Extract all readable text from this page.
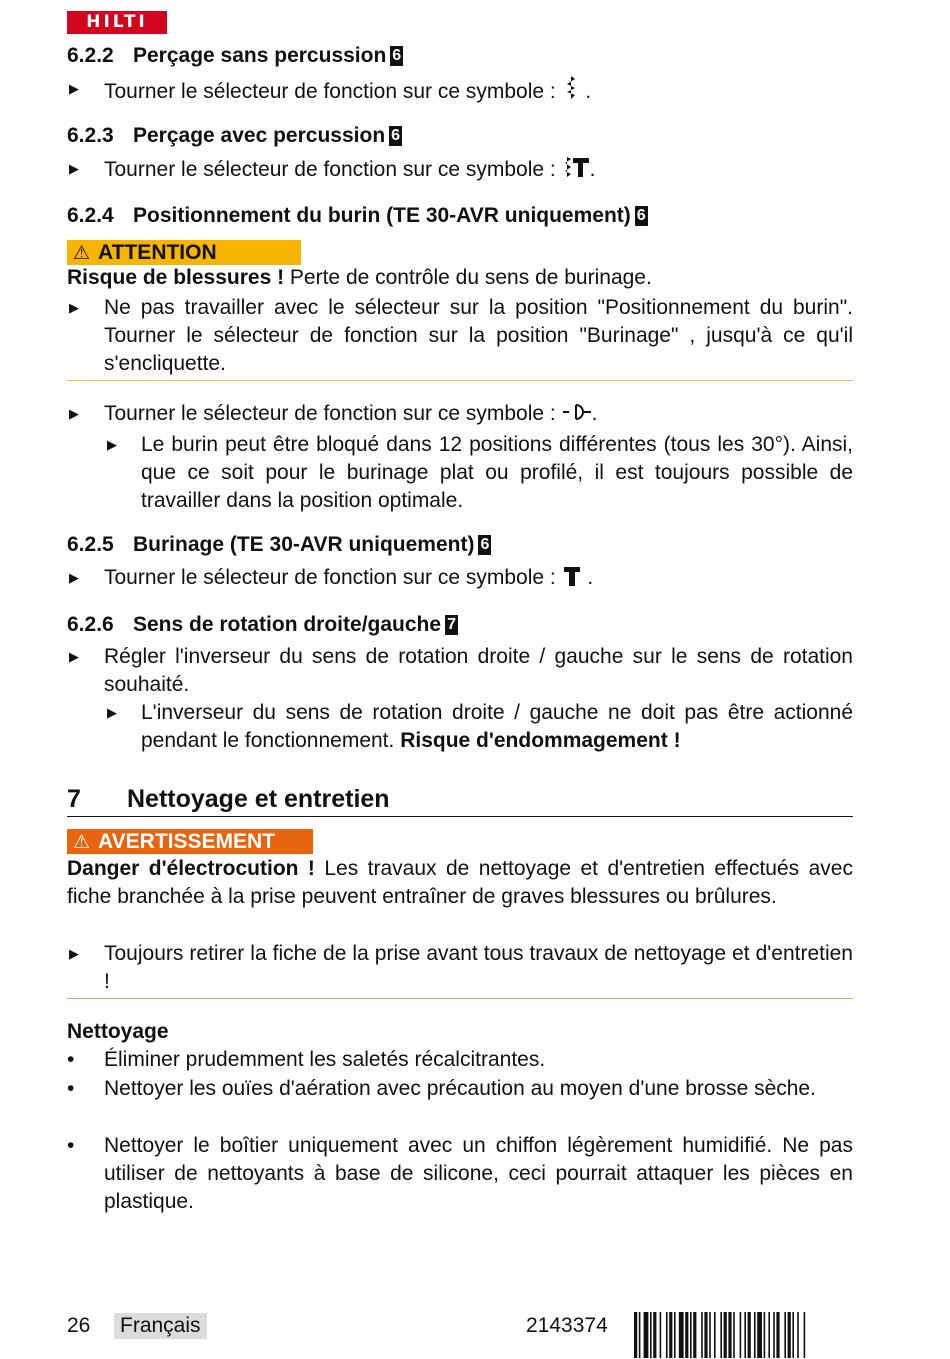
HILTI
6.2.2 Perçage sans percussion 6
▶ Tourner le sélecteur de fonction sur ce symbole :  .
6.2.3 Perçage avec percussion 6
▶ Tourner le sélecteur de fonction sur ce symbole : .
6.2.4 Positionnement du burin (TE 30-AVR uniquement) 6
⚠ ATTENTION
Risque de blessures ! Perte de contrôle du sens de burinage.
▶ Ne pas travailler avec le sélecteur sur la position "Positionnement du burin". Tourner le sélecteur de fonction sur la position "Burinage" , jusqu'à ce qu'il s'encliquette.
▶ Tourner le sélecteur de fonction sur ce symbole : .
▶ Le burin peut être bloqué dans 12 positions différentes (tous les 30°). Ainsi, que ce soit pour le burinage plat ou profilé, il est toujours possible de travailler dans la position optimale.
6.2.5 Burinage (TE 30-AVR uniquement) 6
▶ Tourner le sélecteur de fonction sur ce symbole :  .
6.2.6 Sens de rotation droite/gauche 7
▶ Régler l'inverseur du sens de rotation droite / gauche sur le sens de rotation souhaité.
▶ L'inverseur du sens de rotation droite / gauche ne doit pas être actionné pendant le fonctionnement. Risque d'endommagement !
7 Nettoyage et entretien
⚠ AVERTISSEMENT
Danger d'électrocution ! Les travaux de nettoyage et d'entretien effectués avec fiche branchée à la prise peuvent entraîner de graves blessures ou brûlures.
▶ Toujours retirer la fiche de la prise avant tous travaux de nettoyage et d'entretien !
Nettoyage
• Éliminer prudemment les saletés récalcitrantes.
• Nettoyer les ouïes d'aération avec précaution au moyen d'une brosse sèche.
• Nettoyer le boîtier uniquement avec un chiffon légèrement humidifié. Ne pas utiliser de nettoyants à base de silicone, ceci pourrait attaquer les pièces en plastique.
26 Français	2143374
